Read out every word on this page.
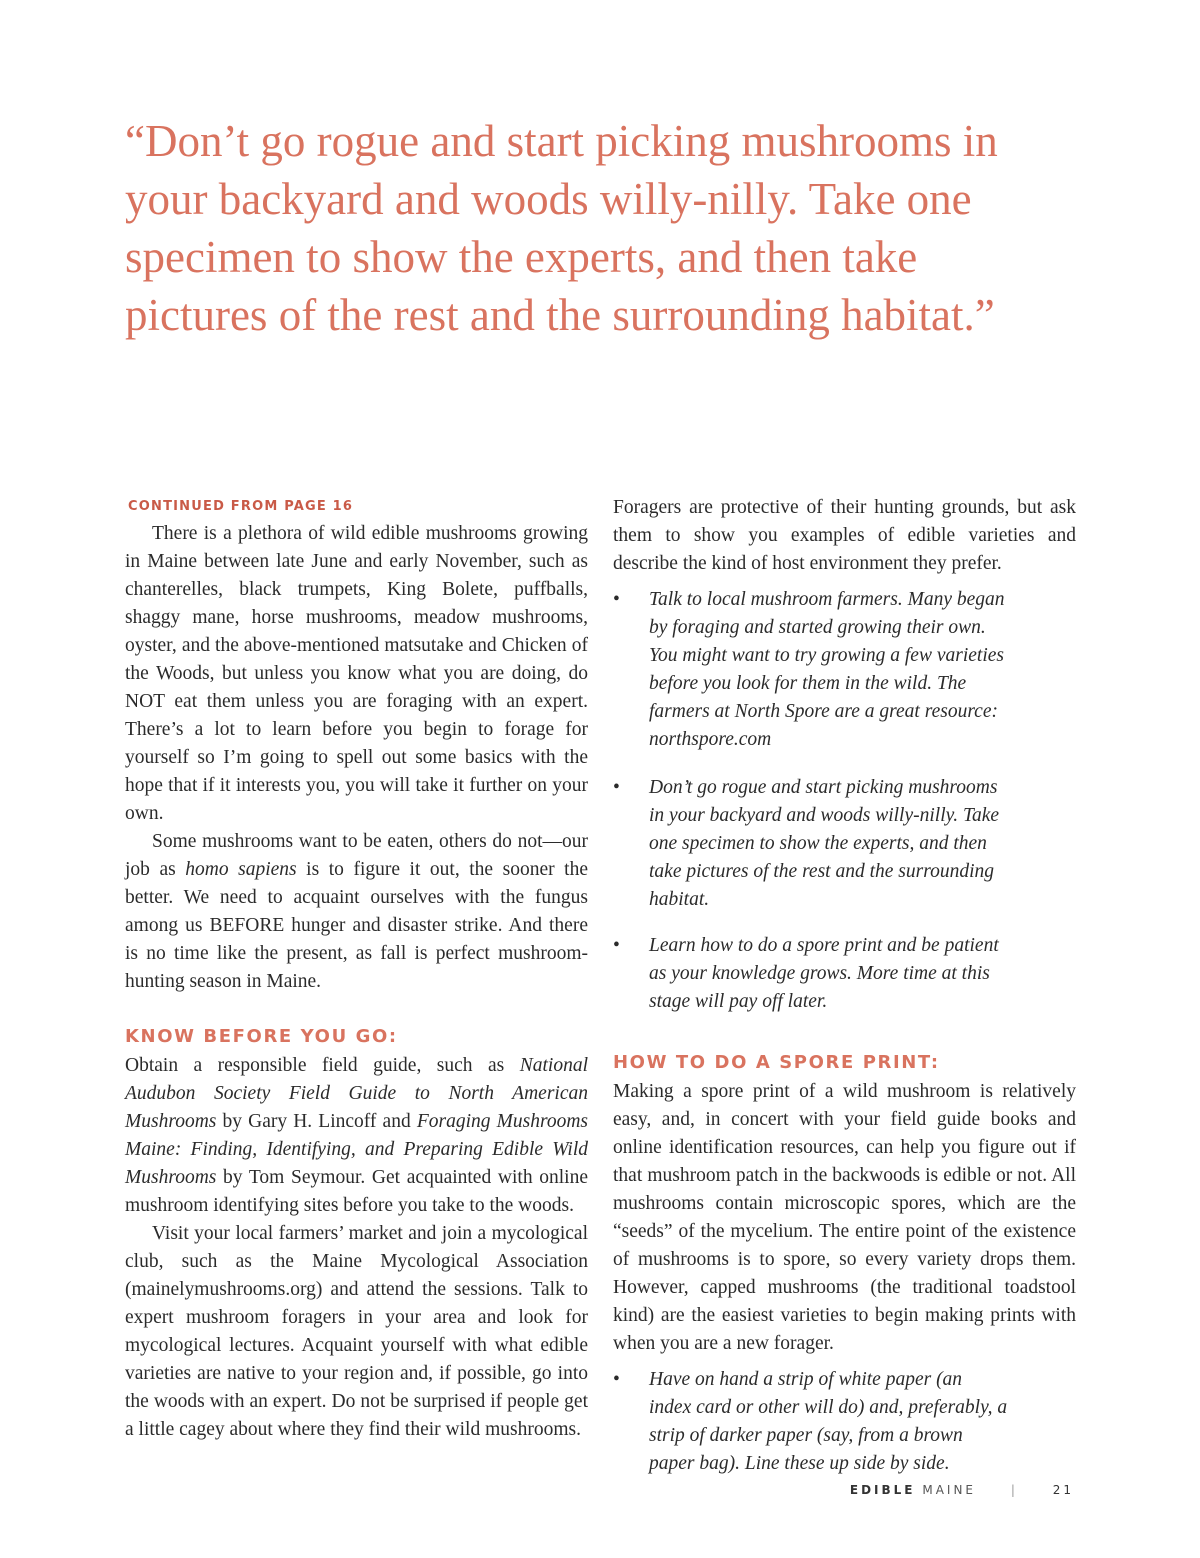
“Don’t go rogue and start picking mushrooms in your backyard and woods willy-nilly. Take one specimen to show the experts, and then take pictures of the rest and the surrounding habitat.”
CONTINUED FROM PAGE 16

There is a plethora of wild edible mushrooms growing in Maine between late June and early November, such as chanterelles, black trumpets, King Bolete, puffballs, shaggy mane, horse mushrooms, meadow mushrooms, oyster, and the above-mentioned matsutake and Chicken of the Woods, but unless you know what you are doing, do NOT eat them unless you are foraging with an expert. There’s a lot to learn before you begin to forage for yourself so I’m going to spell out some basics with the hope that if it interests you, you will take it further on your own.

Some mushrooms want to be eaten, others do not—our job as homo sapiens is to figure it out, the sooner the better. We need to acquaint ourselves with the fungus among us BEFORE hunger and disaster strike. And there is no time like the present, as fall is perfect mushroom-hunting season in Maine.

KNOW BEFORE YOU GO:

Obtain a responsible field guide, such as National Audubon Society Field Guide to North American Mushrooms by Gary H. Lincoff and Foraging Mushrooms Maine: Finding, Identifying, and Preparing Edible Wild Mushrooms by Tom Seymour. Get acquainted with online mushroom identifying sites before you take to the woods.

Visit your local farmers’ market and join a mycological club, such as the Maine Mycological Association (mainelymushrooms.org) and attend the sessions. Talk to expert mushroom foragers in your area and look for mycological lectures. Acquaint yourself with what edible varieties are native to your region and, if possible, go into the woods with an expert. Do not be surprised if people get a little cagey about where they find their wild mushrooms.

Foragers are protective of their hunting grounds, but ask them to show you examples of edible varieties and describe the kind of host environment they prefer.

• Talk to local mushroom farmers. Many began by foraging and started growing their own. You might want to try growing a few varieties before you look for them in the wild. The farmers at North Spore are a great resource: northspore.com
• Don’t go rogue and start picking mushrooms in your backyard and woods willy-nilly. Take one specimen to show the experts, and then take pictures of the rest and the surrounding habitat.
• Learn how to do a spore print and be patient as your knowledge grows. More time at this stage will pay off later.
HOW TO DO A SPORE PRINT:

Making a spore print of a wild mushroom is relatively easy, and, in concert with your field guide books and online identification resources, can help you figure out if that mushroom patch in the backwoods is edible or not. All mushrooms contain microscopic spores, which are the “seeds” of the mycelium. The entire point of the existence of mushrooms is to spore, so every variety drops them. However, capped mushrooms (the traditional toadstool kind) are the easiest varieties to begin making prints with when you are a new forager.

• Have on hand a strip of white paper (an index card or other will do) and, preferably, a strip of darker paper (say, from a brown paper bag). Line these up side by side.
EDIBLE MAINE	|	21
